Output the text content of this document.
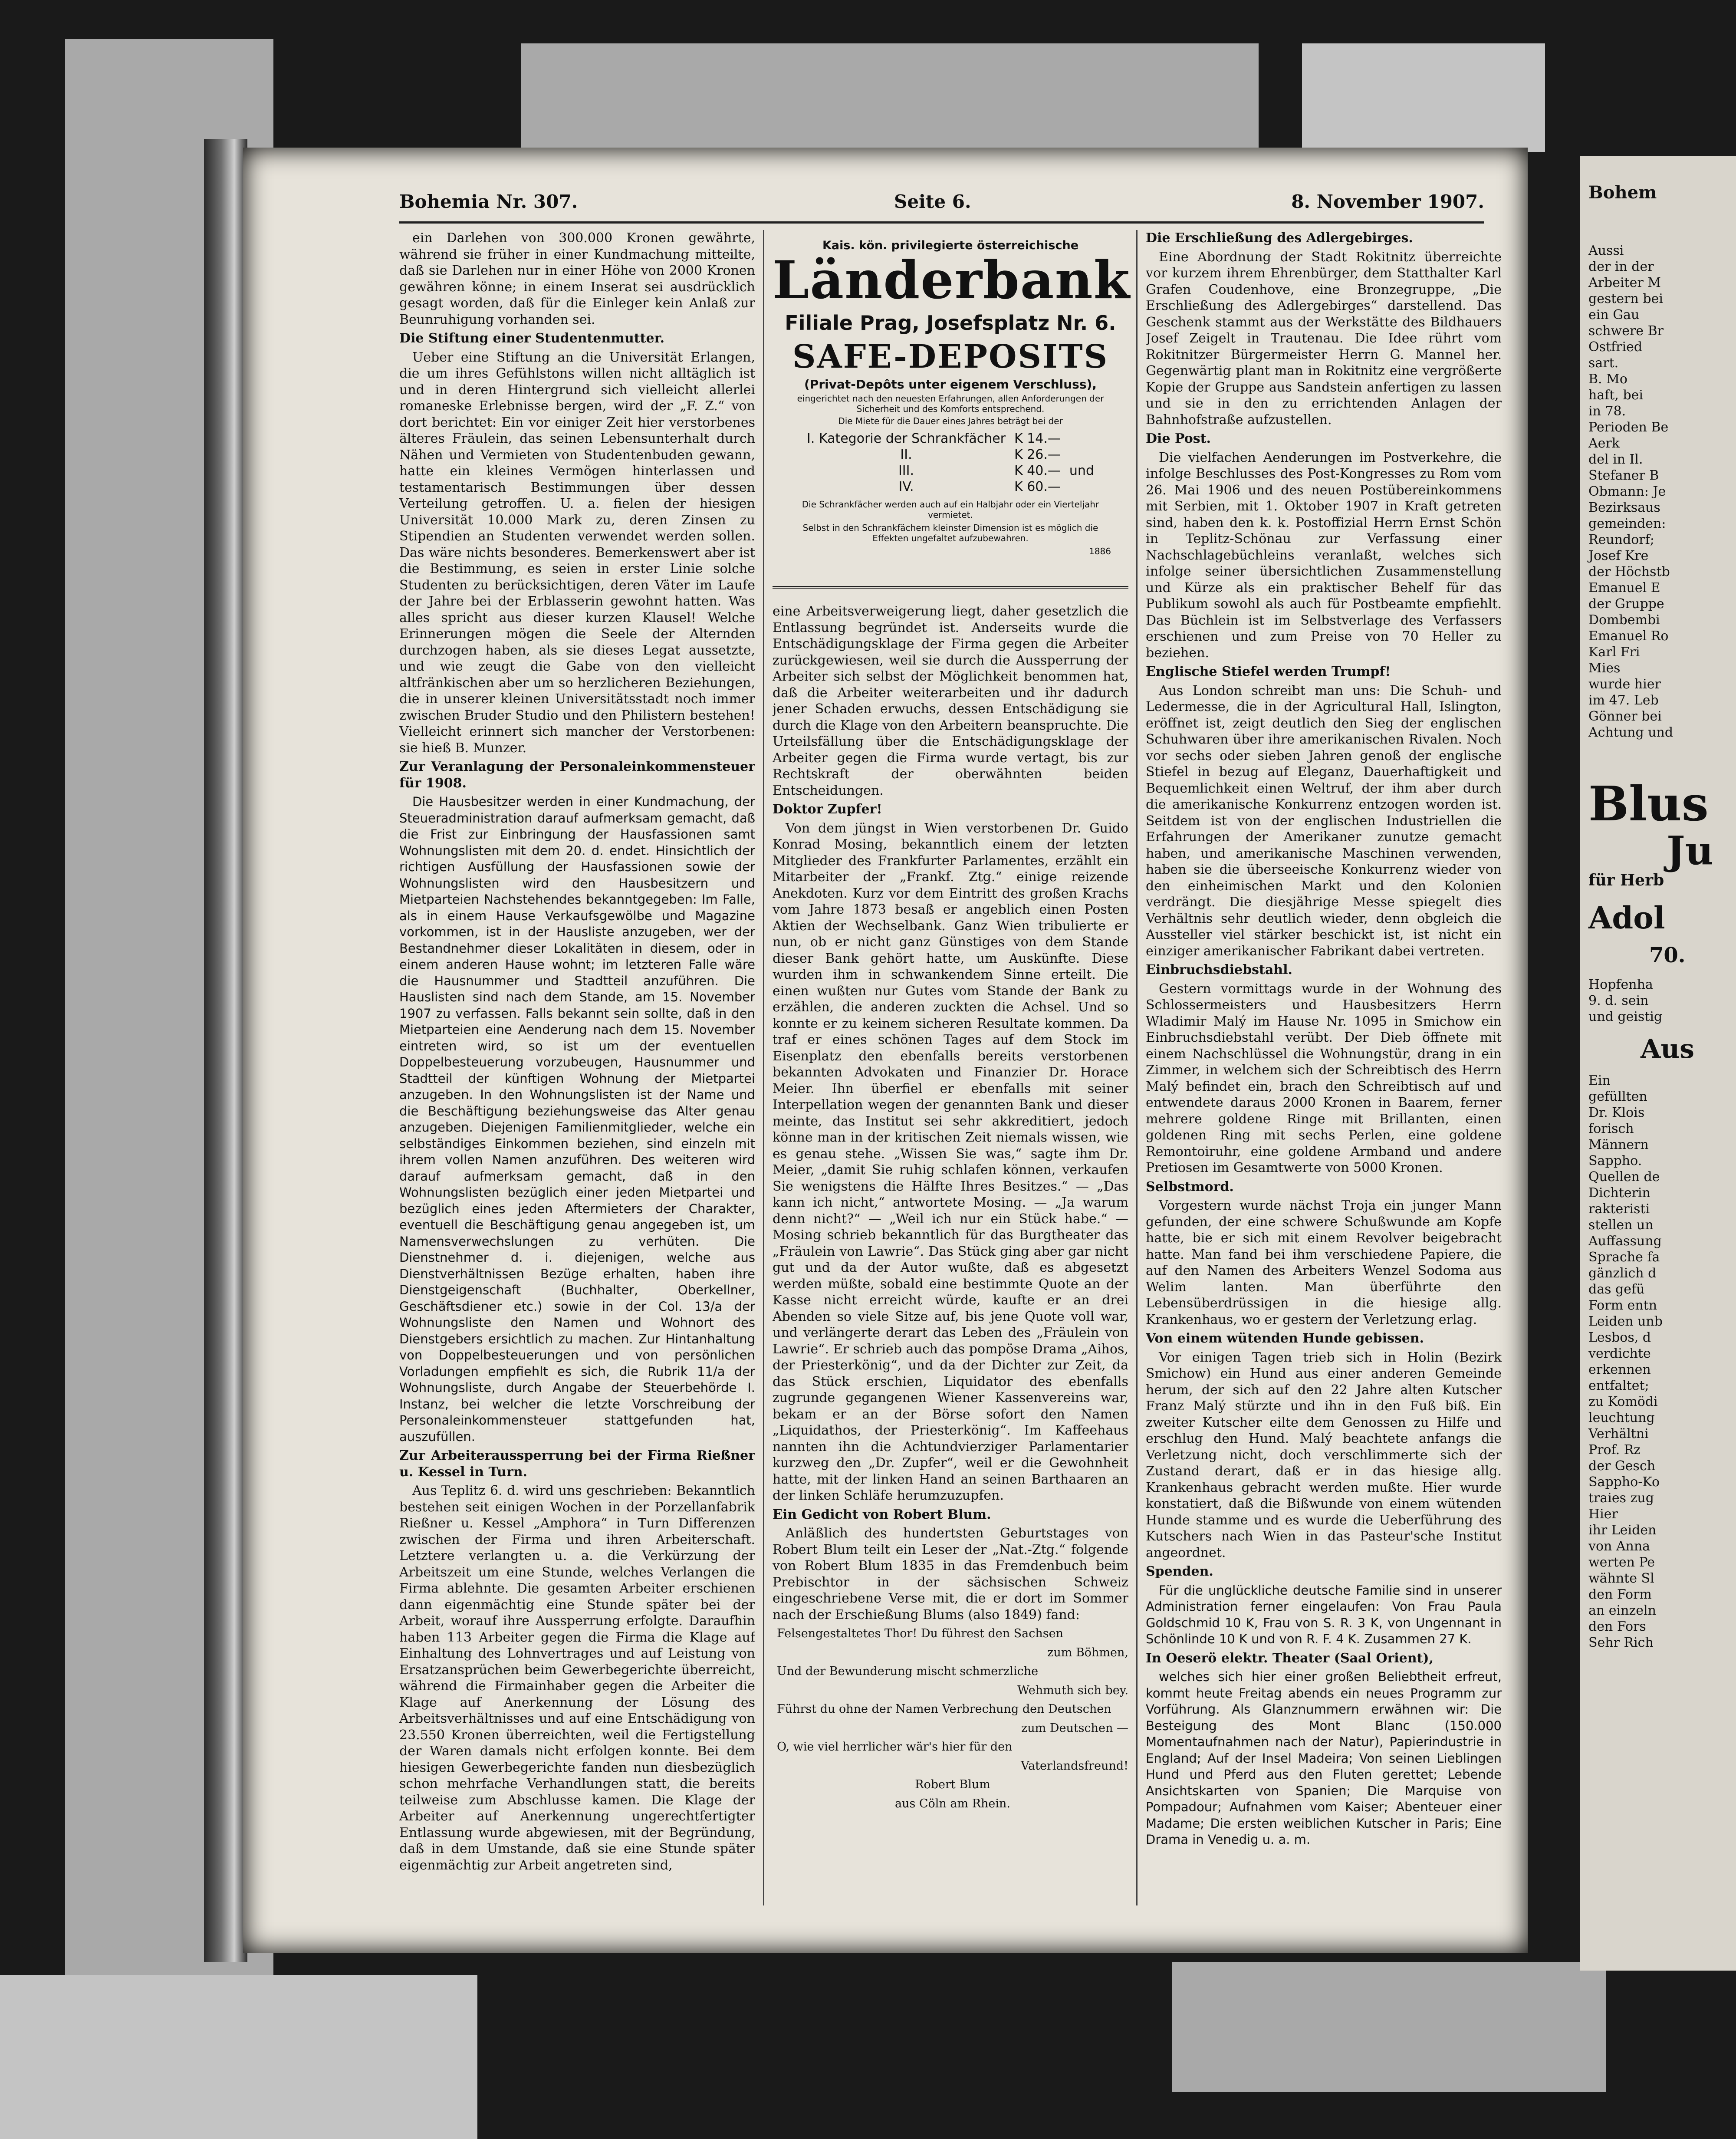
Bohemia Nr. 307.	Seite 6.	8. November 1907.

ein Darlehen von 300.000 Kronen gewährte, während sie früher in einer Kundmachung mitteilte, daß sie Darlehen nur in einer Höhe von 2000 Kronen gewähren könne; in einem Inserat sei ausdrücklich gesagt worden, daß für die Einleger kein Anlaß zur Beunruhigung vorhanden sei.

Die Stiftung einer Studentenmutter.

Ueber eine Stiftung an die Universität Erlangen, die um ihres Gefühlstons willen nicht alltäglich ist und in deren Hintergrund sich vielleicht allerlei romaneske Erlebnisse bergen, wird der „F. Z.“ von dort berichtet: Ein vor einiger Zeit hier verstorbenes älteres Fräulein, das seinen Lebensunterhalt durch Nähen und Vermieten von Studentenbuden gewann, hatte ein kleines Vermögen hinterlassen und testamentarisch Bestimmungen über dessen Verteilung getroffen. U. a. fielen der hiesigen Universität 10.000 Mark zu, deren Zinsen zu Stipendien an Studenten verwendet werden sollen. Das wäre nichts besonderes. Bemerkenswert aber ist die Bestimmung, es seien in erster Linie solche Studenten zu berücksichtigen, deren Väter im Laufe der Jahre bei der Erblasserin gewohnt hatten. Was alles spricht aus dieser kurzen Klausel! Welche Erinnerungen mögen die Seele der Alternden durchzogen haben, als sie dieses Legat aussetzte, und wie zeugt die Gabe von den vielleicht altfränkischen aber um so herzlicheren Beziehungen, die in unserer kleinen Universitätsstadt noch immer zwischen Bruder Studio und den Philistern bestehen! Vielleicht erinnert sich mancher der Verstorbenen: sie hieß B. Munzer.

Zur Veranlagung der Personaleinkommensteuer für 1908.

Die Hausbesitzer werden in einer Kundmachung, der Steueradministration darauf aufmerksam gemacht, daß die Frist zur Einbringung der Hausfassionen samt Wohnungslisten mit dem 20. d. endet. Hinsichtlich der richtigen Ausfüllung der Hausfassionen sowie der Wohnungslisten wird den Hausbesitzern und Mietparteien Nachstehendes bekanntgegeben: Im Falle, als in einem Hause Verkaufsgewölbe und Magazine vorkommen, ist in der Hausliste anzugeben, wer der Bestandnehmer dieser Lokalitäten in diesem, oder in einem anderen Hause wohnt; im letzteren Falle wäre die Hausnummer und Stadtteil anzuführen. Die Hauslisten sind nach dem Stande, am 15. November 1907 zu verfassen. Falls bekannt sein sollte, daß in den Mietparteien eine Aenderung nach dem 15. November eintreten wird, so ist um der eventuellen Doppelbesteuerung vorzubeugen, Hausnummer und Stadtteil der künftigen Wohnung der Mietpartei anzugeben. In den Wohnungslisten ist der Name und die Beschäftigung beziehungsweise das Alter genau anzugeben. Diejenigen Familienmitglieder, welche ein selbständiges Einkommen beziehen, sind einzeln mit ihrem vollen Namen anzuführen. Des weiteren wird darauf aufmerksam gemacht, daß in den Wohnungslisten bezüglich einer jeden Mietpartei und bezüglich eines jeden Aftermieters der Charakter, eventuell die Beschäftigung genau angegeben ist, um Namensverwechslungen zu verhüten. Die Dienstnehmer d. i. diejenigen, welche aus Dienstverhältnissen Bezüge erhalten, haben ihre Dienstgeigenschaft (Buchhalter, Oberkellner, Geschäftsdiener etc.) sowie in der Col. 13/a der Wohnungsliste den Namen und Wohnort des Dienstgebers ersichtlich zu machen. Zur Hintanhaltung von Doppelbesteuerungen und von persönlichen Vorladungen empfiehlt es sich, die Rubrik 11/a der Wohnungsliste, durch Angabe der Steuerbehörde I. Instanz, bei welcher die letzte Vorschreibung der Personaleinkommensteuer stattgefunden hat, auszufüllen.

Zur Arbeiteraussperrung bei der Firma Rießner u. Kessel in Turn.

Aus Teplitz 6. d. wird uns geschrieben: Bekanntlich bestehen seit einigen Wochen in der Porzellanfabrik Rießner u. Kessel „Amphora“ in Turn Differenzen zwischen der Firma und ihren Arbeiterschaft. Letztere verlangten u. a. die Verkürzung der Arbeitszeit um eine Stunde, welches Verlangen die Firma ablehnte. Die gesamten Arbeiter erschienen dann eigenmächtig eine Stunde später bei der Arbeit, worauf ihre Aussperrung erfolgte. Daraufhin haben 113 Arbeiter gegen die Firma die Klage auf Einhaltung des Lohnvertrages und auf Leistung von Ersatzansprüchen beim Gewerbegerichte überreicht, während die Firmainhaber gegen die Arbeiter die Klage auf Anerkennung der Lösung des Arbeitsverhältnisses und auf eine Entschädigung von 23.550 Kronen überreichten, weil die Fertigstellung der Waren damals nicht erfolgen konnte. Bei dem hiesigen Gewerbegerichte fanden nun diesbezüglich schon mehrfache Verhandlungen statt, die bereits teilweise zum Abschlusse kamen. Die Klage der Arbeiter auf Anerkennung ungerechtfertigter Entlassung wurde abgewiesen, mit der Begründung, daß in dem Umstande, daß sie eine Stunde später eigenmächtig zur Arbeit angetreten sind,

Kais. kön. privilegierte österreichische
Länderbank
Filiale Prag, Josefsplatz Nr. 6.
SAFE-DEPOSITS
(Privat-Depôts unter eigenem Verschluss),
eingerichtet nach den neuesten Erfahrungen, allen Anforderungen der Sicherheit und des Komforts entsprechend.
Die Miete für die Dauer eines Jahres beträgt bei der
I. Kategorie der Schrankfächer	K 14.—	
II.	K 26.—	
III.	K 40.—	und
IV.	K 60.—	
Die Schrankfächer werden auch auf ein Halbjahr oder ein Vierteljahr vermietet.
Selbst in den Schrankfächern kleinster Dimension ist es möglich die Effekten ungefaltet aufzubewahren.
1886

eine Arbeitsverweigerung liegt, daher gesetzlich die Entlassung begründet ist. Anderseits wurde die Entschädigungsklage der Firma gegen die Arbeiter zurückgewiesen, weil sie durch die Aussperrung der Arbeiter sich selbst der Möglichkeit benommen hat, daß die Arbeiter weiterarbeiten und ihr dadurch jener Schaden erwuchs, dessen Entschädigung sie durch die Klage von den Arbeitern beanspruchte. Die Urteilsfällung über die Entschädigungsklage der Arbeiter gegen die Firma wurde vertagt, bis zur Rechtskraft der oberwähnten beiden Entscheidungen.

Doktor Zupfer!

Von dem jüngst in Wien verstorbenen Dr. Guido Konrad Mosing, bekanntlich einem der letzten Mitglieder des Frankfurter Parlamentes, erzählt ein Mitarbeiter der „Frankf. Ztg.“ einige reizende Anekdoten. Kurz vor dem Eintritt des großen Krachs vom Jahre 1873 besaß er angeblich einen Posten Aktien der Wechselbank. Ganz Wien tribulierte er nun, ob er nicht ganz Günstiges von dem Stande dieser Bank gehört hatte, um Auskünfte. Diese wurden ihm in schwankendem Sinne erteilt. Die einen wußten nur Gutes vom Stande der Bank zu erzählen, die anderen zuckten die Achsel. Und so konnte er zu keinem sicheren Resultate kommen. Da traf er eines schönen Tages auf dem Stock im Eisenplatz den ebenfalls bereits verstorbenen bekannten Advokaten und Finanzier Dr. Horace Meier. Ihn überfiel er ebenfalls mit seiner Interpellation wegen der genannten Bank und dieser meinte, das Institut sei sehr akkreditiert, jedoch könne man in der kritischen Zeit niemals wissen, wie es genau stehe. „Wissen Sie was,“ sagte ihm Dr. Meier, „damit Sie ruhig schlafen können, verkaufen Sie wenigstens die Hälfte Ihres Besitzes.“ — „Das kann ich nicht,“ antwortete Mosing. — „Ja warum denn nicht?“ — „Weil ich nur ein Stück habe.“ — Mosing schrieb bekanntlich für das Burgtheater das „Fräulein von Lawrie“. Das Stück ging aber gar nicht gut und da der Autor wußte, daß es abgesetzt werden müßte, sobald eine bestimmte Quote an der Kasse nicht erreicht würde, kaufte er an drei Abenden so viele Sitze auf, bis jene Quote voll war, und verlängerte derart das Leben des „Fräulein von Lawrie“. Er schrieb auch das pompöse Drama „Aihos, der Priesterkönig“, und da der Dichter zur Zeit, da das Stück erschien, Liquidator des ebenfalls zugrunde gegangenen Wiener Kassenvereins war, bekam er an der Börse sofort den Namen „Liquidathos, der Priesterkönig“. Im Kaffeehaus nannten ihn die Achtundvierziger Parlamentarier kurzweg den „Dr. Zupfer“, weil er die Gewohnheit hatte, mit der linken Hand an seinen Barthaaren an der linken Schläfe herumzuzupfen.

Ein Gedicht von Robert Blum.

Anläßlich des hundertsten Geburtstages von Robert Blum teilt ein Leser der „Nat.-Ztg.“ folgende von Robert Blum 1835 in das Fremdenbuch beim Prebischtor in der sächsischen Schweiz eingeschriebene Verse mit, die er dort im Sommer nach der Erschießung Blums (also 1849) fand:

Felsengestaltetes Thor! Du führest den Sachsen

zum Böhmen,

Und der Bewunderung mischt schmerzliche

Wehmuth sich bey.

Führst du ohne der Namen Verbrechung den Deutschen

zum Deutschen —

O, wie viel herrlicher wär's hier für den

Vaterlandsfreund!

Robert Blum

aus Cöln am Rhein.

Die Erschließung des Adlergebirges.

Eine Abordnung der Stadt Rokitnitz überreichte vor kurzem ihrem Ehrenbürger, dem Statthalter Karl Grafen Coudenhove, eine Bronzegruppe, „Die Erschließung des Adlergebirges“ darstellend. Das Geschenk stammt aus der Werkstätte des Bildhauers Josef Zeigelt in Trautenau. Die Idee rührt vom Rokitnitzer Bürgermeister Herrn G. Mannel her. Gegenwärtig plant man in Rokitnitz eine vergrößerte Kopie der Gruppe aus Sandstein anfertigen zu lassen und sie in den zu errichtenden Anlagen der Bahnhofstraße aufzustellen.

Die Post.

Die vielfachen Aenderungen im Postverkehre, die infolge Beschlusses des Post-Kongresses zu Rom vom 26. Mai 1906 und des neuen Postübereinkommens mit Serbien, mit 1. Oktober 1907 in Kraft getreten sind, haben den k. k. Postoffizial Herrn Ernst Schön in Teplitz-Schönau zur Verfassung einer Nachschlagebüchleins veranlaßt, welches sich infolge seiner übersichtlichen Zusammenstellung und Kürze als ein praktischer Behelf für das Publikum sowohl als auch für Postbeamte empfiehlt. Das Büchlein ist im Selbstverlage des Verfassers erschienen und zum Preise von 70 Heller zu beziehen.

Englische Stiefel werden Trumpf!

Aus London schreibt man uns: Die Schuh- und Ledermesse, die in der Agricultural Hall, Islington, eröffnet ist, zeigt deutlich den Sieg der englischen Schuhwaren über ihre amerikanischen Rivalen. Noch vor sechs oder sieben Jahren genoß der englische Stiefel in bezug auf Eleganz, Dauerhaftigkeit und Bequemlichkeit einen Weltruf, der ihm aber durch die amerikanische Konkurrenz entzogen worden ist. Seitdem ist von der englischen Industriellen die Erfahrungen der Amerikaner zunutze gemacht haben, und amerikanische Maschinen verwenden, haben sie die überseeische Konkurrenz wieder von den einheimischen Markt und den Kolonien verdrängt. Die diesjährige Messe spiegelt dies Verhältnis sehr deutlich wieder, denn obgleich die Aussteller viel stärker beschickt ist, ist nicht ein einziger amerikanischer Fabrikant dabei vertreten.

Einbruchsdiebstahl.

Gestern vormittags wurde in der Wohnung des Schlossermeisters und Hausbesitzers Herrn Wladimir Malý im Hause Nr. 1095 in Smichow ein Einbruchsdiebstahl verübt. Der Dieb öffnete mit einem Nachschlüssel die Wohnungstür, drang in ein Zimmer, in welchem sich der Schreibtisch des Herrn Malý befindet ein, brach den Schreibtisch auf und entwendete daraus 2000 Kronen in Baarem, ferner mehrere goldene Ringe mit Brillanten, einen goldenen Ring mit sechs Perlen, eine goldene Remontoiruhr, eine goldene Armband und andere Pretiosen im Gesamtwerte von 5000 Kronen.

Selbstmord.

Vorgestern wurde nächst Troja ein junger Mann gefunden, der eine schwere Schußwunde am Kopfe hatte, bie er sich mit einem Revolver beigebracht hatte. Man fand bei ihm verschiedene Papiere, die auf den Namen des Arbeiters Wenzel Sodoma aus Welim lanten. Man überführte den Lebensüberdrüssigen in die hiesige allg. Krankenhaus, wo er gestern der Verletzung erlag.

Von einem wütenden Hunde gebissen.

Vor einigen Tagen trieb sich in Holin (Bezirk Smichow) ein Hund aus einer anderen Gemeinde herum, der sich auf den 22 Jahre alten Kutscher Franz Malý stürzte und ihn in den Fuß biß. Ein zweiter Kutscher eilte dem Genossen zu Hilfe und erschlug den Hund. Malý beachtete anfangs die Verletzung nicht, doch verschlimmerte sich der Zustand derart, daß er in das hiesige allg. Krankenhaus gebracht werden mußte. Hier wurde konstatiert, daß die Bißwunde von einem wütenden Hunde stamme und es wurde die Ueberführung des Kutschers nach Wien in das Pasteur'sche Institut angeordnet.

Spenden.

Für die unglückliche deutsche Familie sind in unserer Administration ferner eingelaufen: Von Frau Paula Goldschmid 10 K, Frau von S. R. 3 K, von Ungennant in Schönlinde 10 K und von R. F. 4 K. Zusammen 27 K.

In Oeserö elektr. Theater (Saal Orient),

welches sich hier einer großen Beliebtheit erfreut, kommt heute Freitag abends ein neues Programm zur Vorführung. Als Glanznummern erwähnen wir: Die Besteigung des Mont Blanc (150.000 Momentaufnahmen nach der Natur), Papierindustrie in England; Auf der Insel Madeira; Von seinen Lieblingen Hund und Pferd aus den Fluten gerettet; Lebende Ansichtskarten von Spanien; Die Marquise von Pompadour; Aufnahmen vom Kaiser; Abenteuer einer Madame; Die ersten weiblichen Kutscher in Paris; Eine Drama in Venedig u. a. m.

Bohem
Aussi
der in der
Arbeiter M
gestern bei
ein Gau
schwere Br
Ostfried
sart.
B. Mo
haft, bei
in 78.
Perioden Be
Aerk
del in Il.
Stefaner B
Obmann: Je
Bezirksaus
gemeinden:
Reundorf;
Josef Kre
der Höchstb
Emanuel E
der Gruppe
Dombembi
Emanuel Ro
Karl Fri
Mies
wurde hier
im 47. Leb
Gönner bei
Achtung und
Blus
Ju
für Herb
Adol
70.
Hopfenha
9. d. sein
und geistig
Aus
Ein
gefüllten
Dr. Klois
forisch
Männern
Sappho.
Quellen de
Dichterin
rakteristi
stellen un
Auffassung
Sprache fa
gänzlich d
das gefü
Form entn
Leiden unb
Lesbos, d
verdichte
erkennen
entfaltet;
zu Komödi
leuchtung
Verhältni
Prof. Rz
der Gesch
Sappho-Ko
traies zug
Hier
ihr Leiden
von Anna
werten Pe
wähnte Sl
den Form
an einzeln
den Fors
Sehr Rich
